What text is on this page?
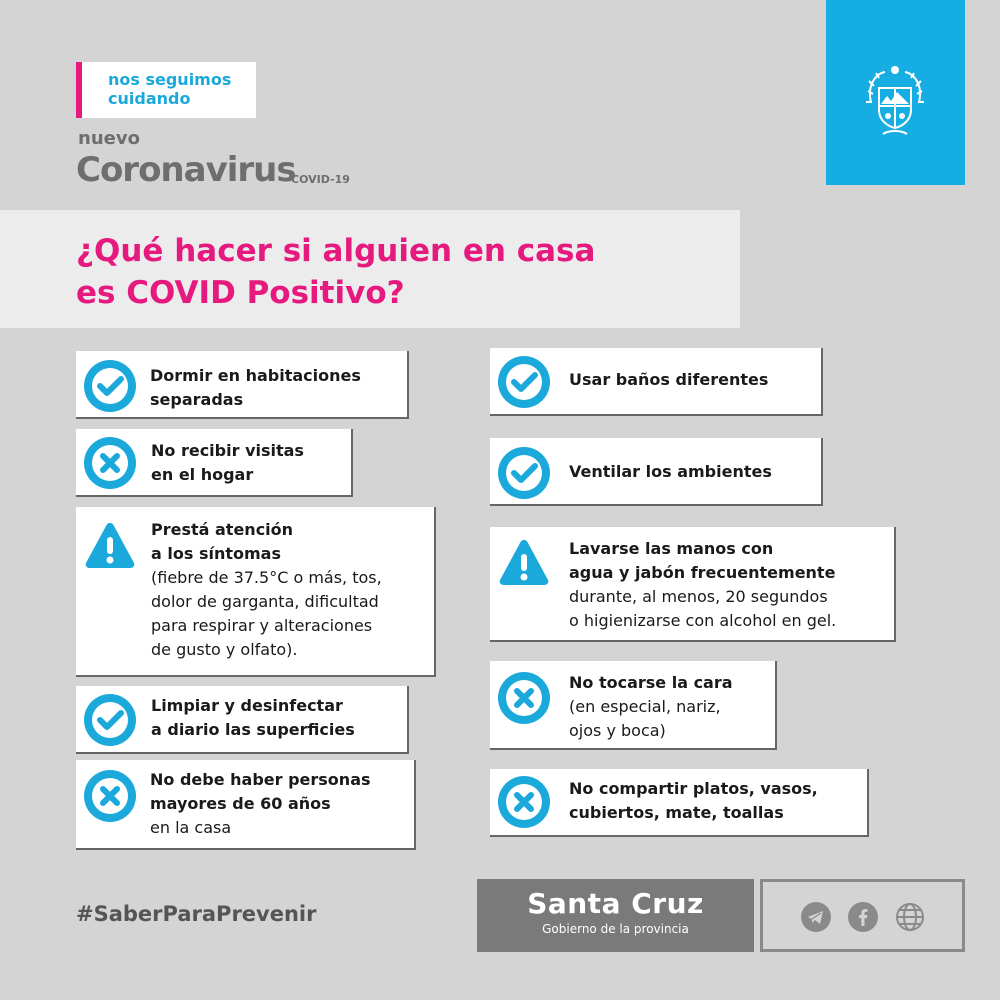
nos seguimos
cuidando
nuevo
Coronavirus
COVID-19
¿Qué hacer si alguien en casa
es COVID Positivo?
Dormir en habitaciones
separadas
No recibir visitas
en el hogar
Prestá atención
a los síntomas
(fiebre de 37.5°C o más, tos,
dolor de garganta, dificultad
para respirar y alteraciones
de gusto y olfato).
Limpiar y desinfectar
a diario las superficies
No debe haber personas
mayores de 60 años
en la casa
Usar baños diferentes
Ventilar los ambientes
Lavarse las manos con
agua y jabón frecuentemente
durante, al menos, 20 segundos
o higienizarse con alcohol en gel.
No tocarse la cara
(en especial, nariz,
ojos y boca)
No compartir platos, vasos,
cubiertos, mate, toallas
#SaberParaPrevenir	Santa Cruz
Gobierno de la provincia
